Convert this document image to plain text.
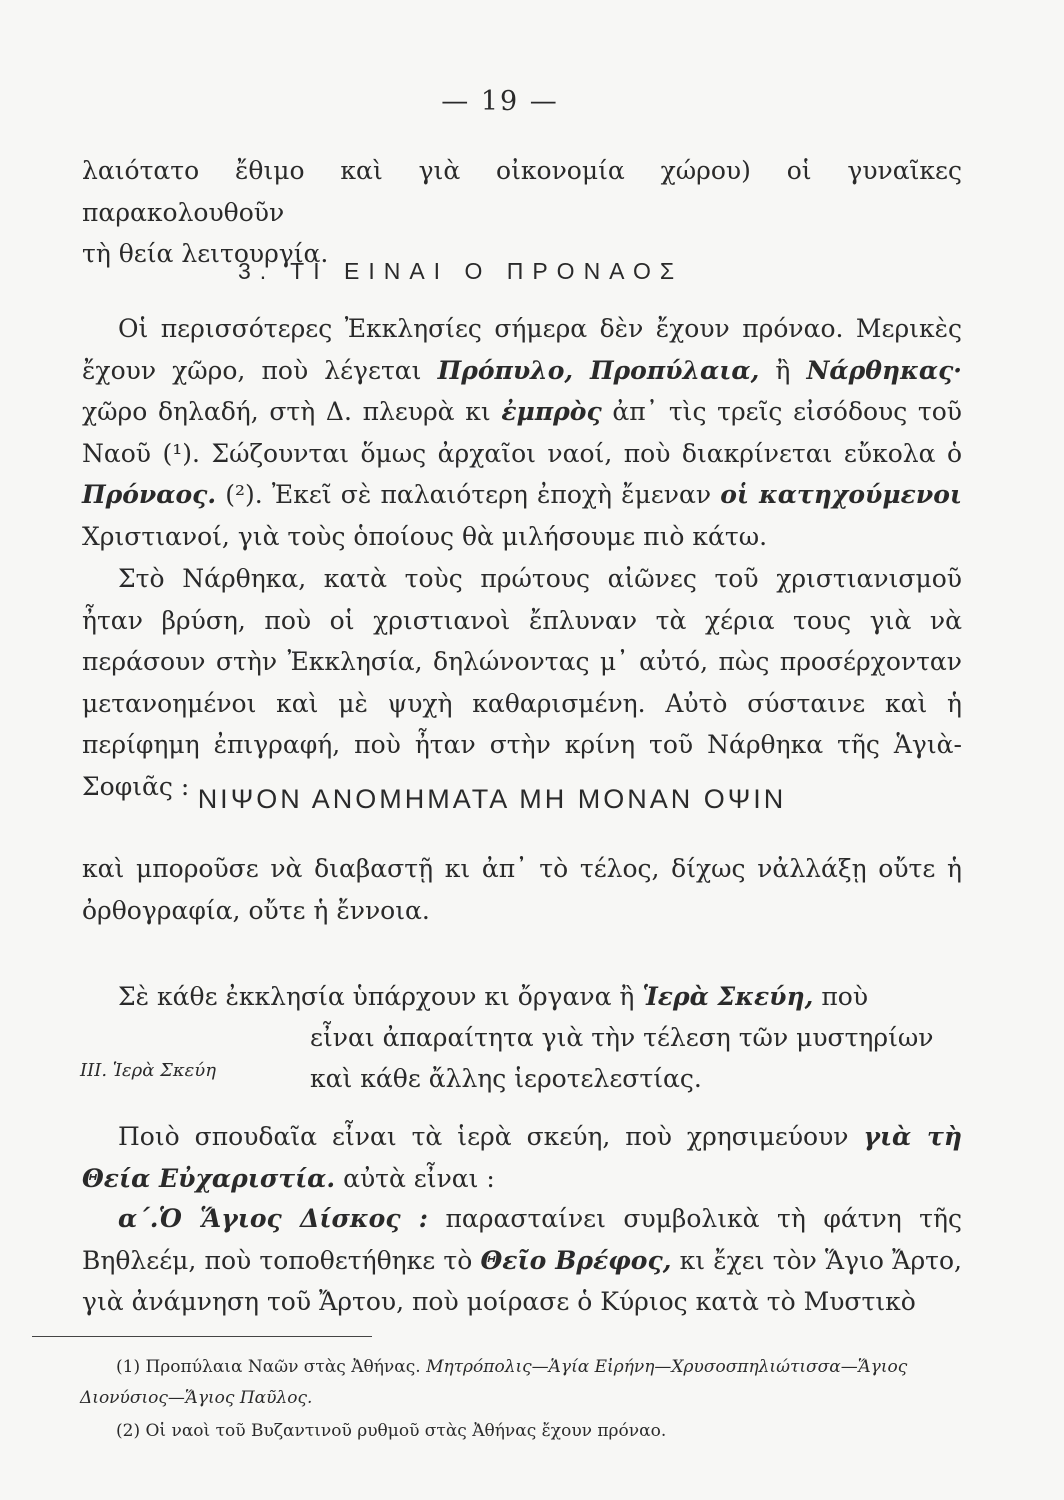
— 19 —
λαιότατο ἔθιμο καὶ γιὰ οἰκονομία χώρου) οἱ γυναῖκες παρακολουθοῦν
τὴ θεία λειτουργία.
3. ΤΙ ΕΙΝΑΙ Ο ΠΡΟΝΑΟΣ
Οἱ περισσότερες Ἐκκλησίες σήμερα δὲν ἔχουν πρόναο. Μερικὲς ἔχουν χῶρο, ποὺ λέγεται Πρόπυλο, Προπύλαια, ἢ Νάρθηκας· χῶρο δηλαδή, στὴ Δ. πλευρὰ κι ἐμπρὸς ἀπ᾽ τὶς τρεῖς εἰσόδους τοῦ Ναοῦ (¹). Σώζουνται ὅμως ἀρχαῖοι ναοί, ποὺ διακρίνεται εὔκολα ὁ Πρόναος. (²). Ἐκεῖ σὲ παλαιότερη ἐποχὴ ἔμεναν οἱ κατηχούμενοι Χριστιανοί, γιὰ τοὺς ὁποίους θὰ μιλήσουμε πιὸ κάτω.
Στὸ Νάρθηκα, κατὰ τοὺς πρώτους αἰῶνες τοῦ χριστιανισμοῦ ἦταν βρύση, ποὺ οἱ χριστιανοὶ ἔπλυναν τὰ χέρια τους γιὰ νὰ περάσουν στὴν Ἐκκλησία, δηλώνοντας μ᾽ αὐτό, πὼς προσέρχονταν μετανοημένοι καὶ μὲ ψυχὴ καθαρισμένη. Αὐτὸ σύσταινε καὶ ἡ περίφημη ἐπιγραφή, ποὺ ἦταν στὴν κρίνη τοῦ Νάρθηκα τῆς Ἁγιὰ-Σοφιᾶς : ΝΙΨΟΝ ΑΝΟΜΗΜΑΤΑ ΜΗ ΜΟΝΑΝ ΟΨΙΝ
καὶ μποροῦσε νὰ διαβαστῇ κι ἀπ᾽ τὸ τέλος, δίχως νἀλλάξῃ οὔτε ἡ ὀρθογραφία, οὔτε ἡ ἔννοια.
Σὲ κάθε ἐκκλησία ὑπάρχουν κι ὄργανα ἢ Ἱερὰ Σκεύη, ποὺ
εἶναι ἀπαραίτητα γιὰ τὴν τέλεση τῶν μυστηρίων
καὶ κάθε ἄλλης ἱεροτελεστίας.
III. Ἱερὰ Σκεύη
Ποιὸ σπουδαῖα εἶναι τὰ ἱερὰ σκεύη, ποὺ χρησιμεύουν γιὰ τὴ Θεία Εὐχαριστία. αὐτὰ εἶναι :
α΄.Ὁ Ἅγιος Δίσκος : παρασταίνει συμβολικὰ τὴ φάτνη τῆς Βηθλεέμ, ποὺ τοποθετήθηκε τὸ Θεῖο Βρέφος, κι ἔχει τὸν Ἅγιο Ἄρτο, γιὰ ἀνάμνηση τοῦ Ἄρτου, ποὺ μοίρασε ὁ Κύριος κατὰ τὸ Μυστικὸ
(1) Προπύλαια Ναῶν στὰς Ἀθήνας. Μητρόπολις—Ἁγία Εἰρήνη—Χρυσοσπηλιώτισσα—Ἅγιος Διονύσιος—Ἅγιος Παῦλος.
(2) Οἱ ναοὶ τοῦ Βυζαντινοῦ ρυθμοῦ στὰς Ἀθήνας ἔχουν πρόναο.
